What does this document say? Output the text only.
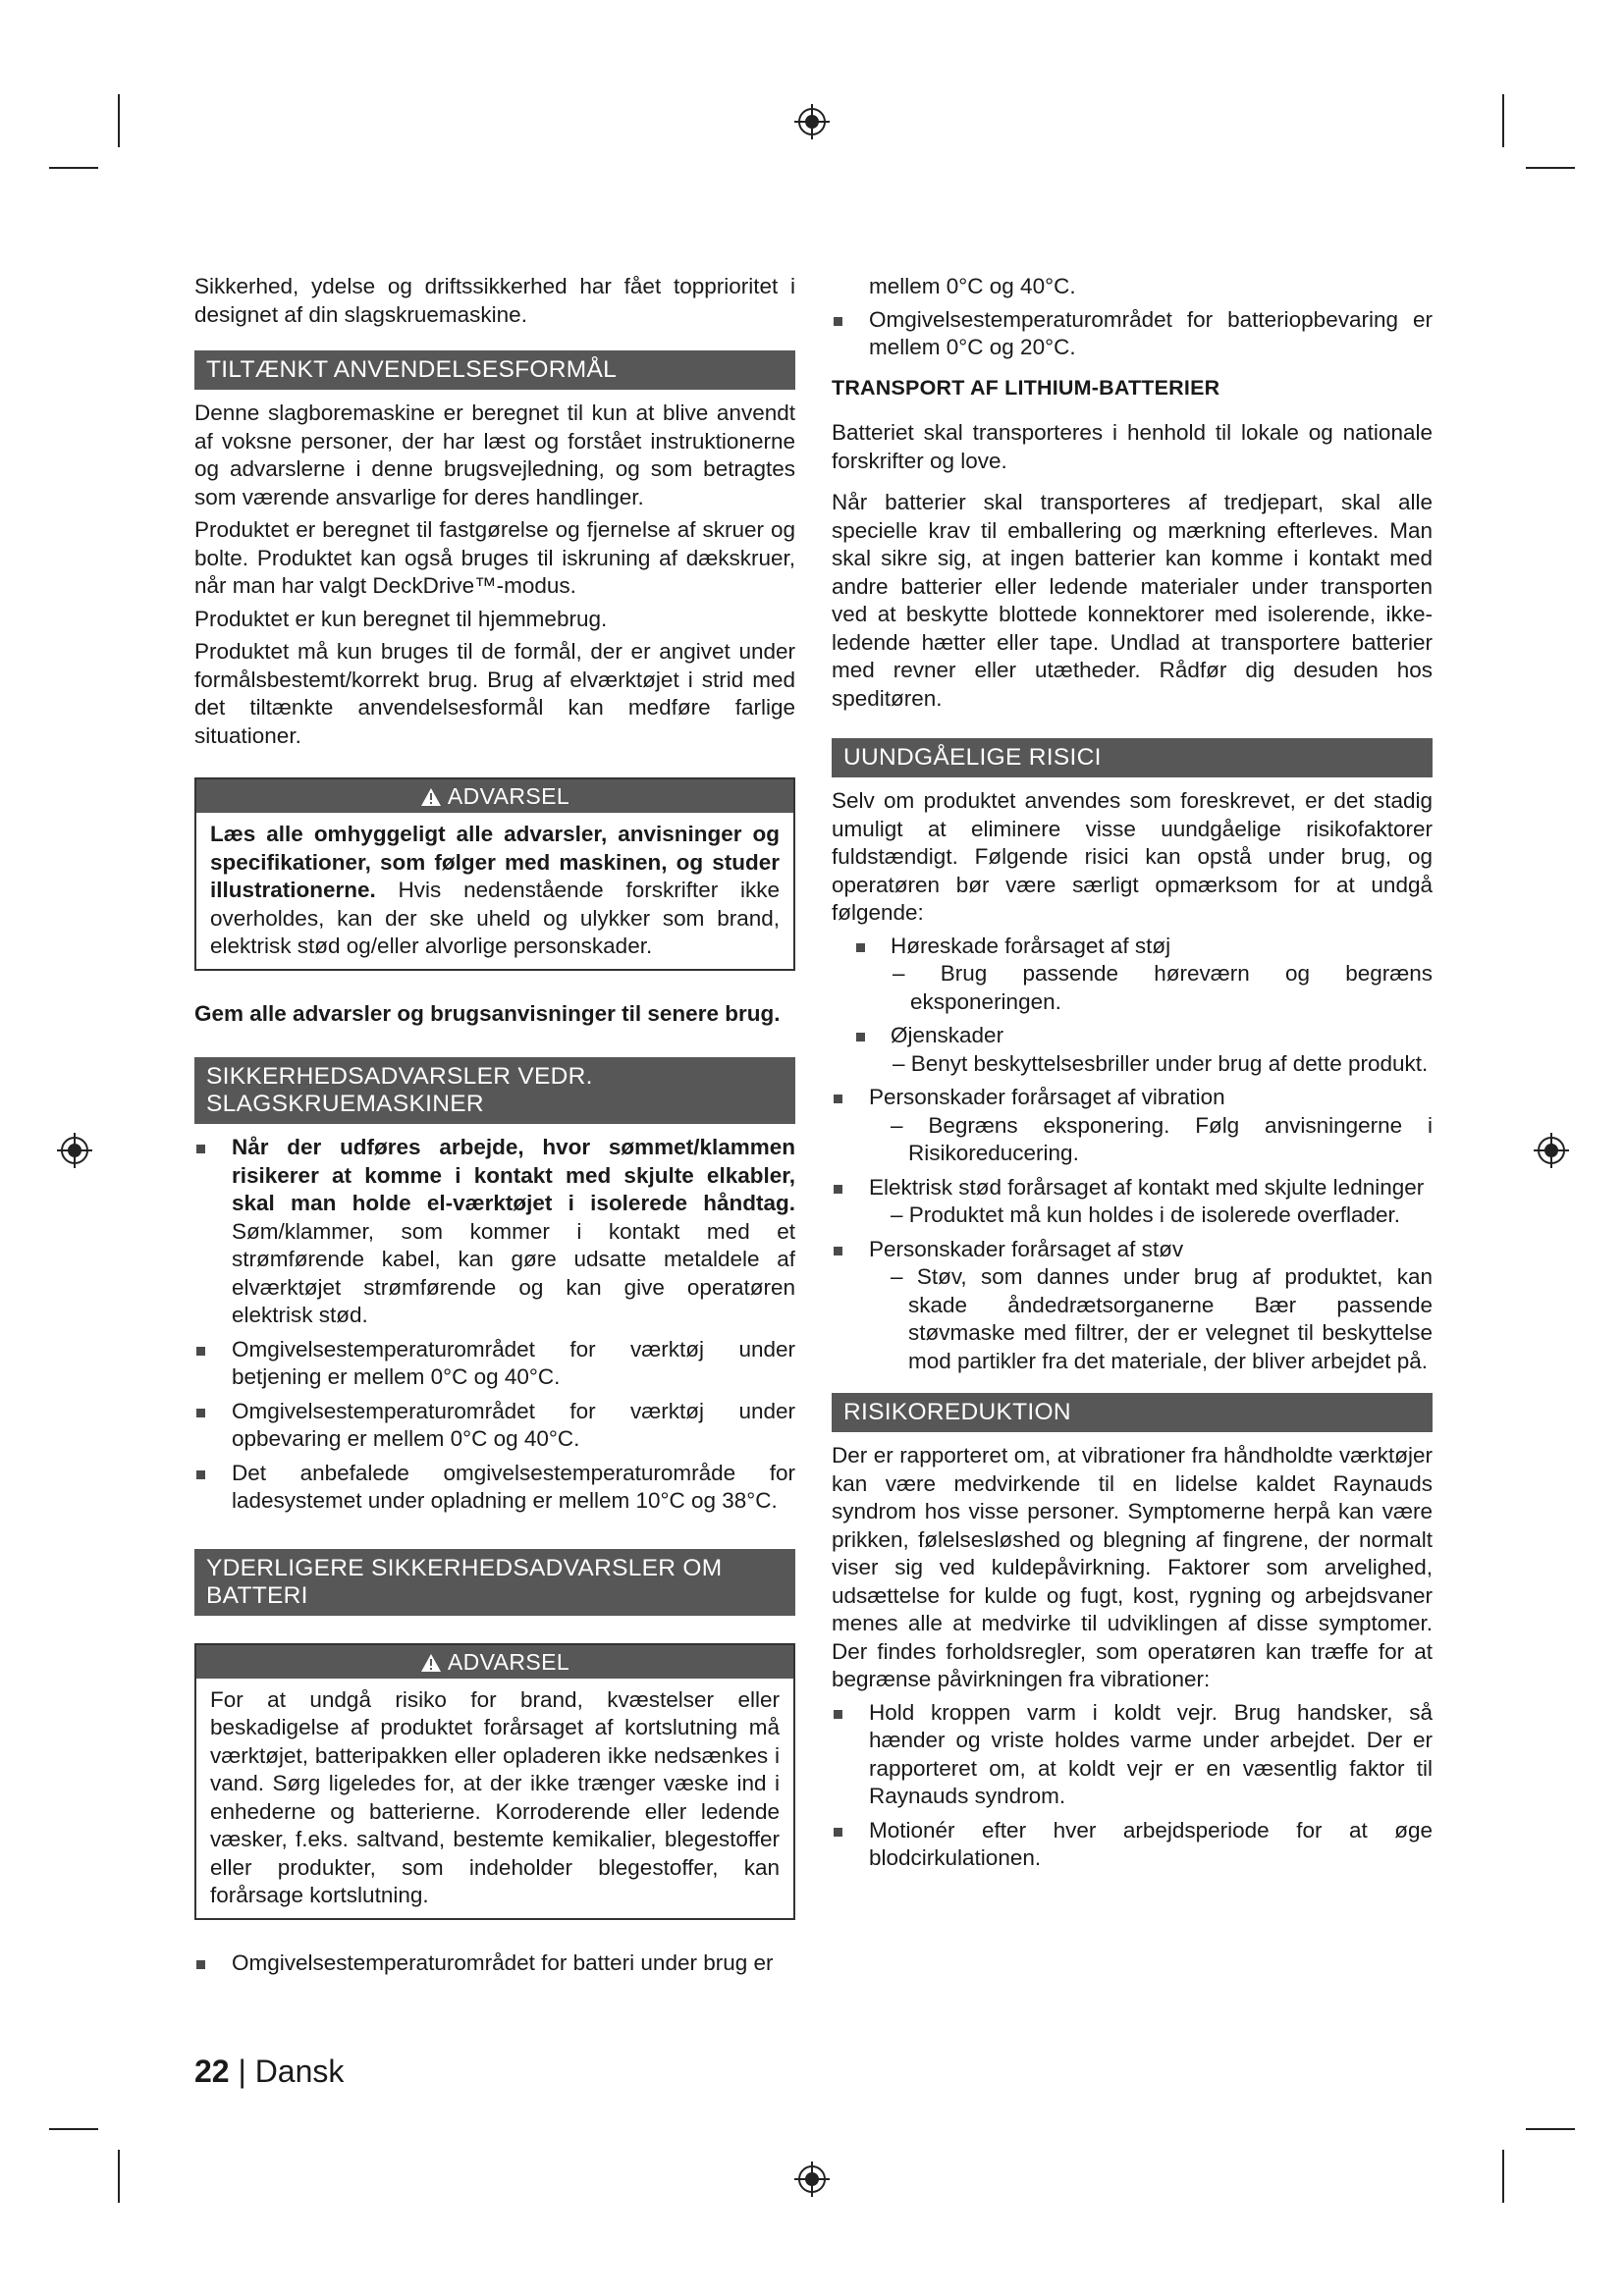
Sikkerhed, ydelse og driftssikkerhed har fået topprioritet i designet af din slagskruemaskine.

TILTÆNKT ANVENDELSESFORMÅL

Denne slagboremaskine er beregnet til kun at blive anvendt af voksne personer, der har læst og forstået instruktionerne og advarslerne i denne brugsvejledning, og som betragtes som værende ansvarlige for deres handlinger.

Produktet er beregnet til fastgørelse og fjernelse af skruer og bolte. Produktet kan også bruges til iskruning af dækskruer, når man har valgt DeckDrive™-modus.

Produktet er kun beregnet til hjemmebrug.

Produktet må kun bruges til de formål, der er angivet under formålsbestemt/korrekt brug. Brug af elværktøjet i strid med det tiltænkte anvendelsesformål kan medføre farlige situationer.

ADVARSEL
Læs alle omhyggeligt alle advarsler, anvisninger og specifikationer, som følger med maskinen, og studer illustrationerne. Hvis nedenstående forskrifter ikke overholdes, kan der ske uheld og ulykker som brand, elektrisk stød og/eller alvorlige personskader.

Gem alle advarsler og brugsanvisninger til senere brug.

SIKKERHEDSADVARSLER VEDR. SLAGSKRUEMASKINER
Når der udføres arbejde, hvor sømmet/klammen risikerer at komme i kontakt med skjulte elkabler, skal man holde el-værktøjet i isolerede håndtag. Søm/klammer, som kommer i kontakt med et strømførende kabel, kan gøre udsatte metaldele af elværktøjet strømførende og kan give operatøren elektrisk stød.
Omgivelsestemperaturområdet for værktøj under betjening er mellem 0°C og 40°C.
Omgivelsestemperaturområdet for værktøj under opbevaring er mellem 0°C og 40°C.
Det anbefalede omgivelsestemperaturområde for ladesystemet under opladning er mellem 10°C og 38°C.
YDERLIGERE SIKKERHEDSADVARSLER OM BATTERI
ADVARSEL
For at undgå risiko for brand, kvæstelser eller beskadigelse af produktet forårsaget af kortslutning må værktøjet, batteripakken eller opladeren ikke nedsænkes i vand. Sørg ligeledes for, at der ikke trænger væske ind i enhederne og batterierne. Korroderende eller ledende væsker, f.eks. saltvand, bestemte kemikalier, blegestoffer eller produkter, som indeholder blegestoffer, kan forårsage kortslutning.
Omgivelsestemperaturområdet for batteri under brug er

mellem 0°C og 40°C.

Omgivelsestemperaturområdet for batteriopbevaring er mellem 0°C og 20°C.
TRANSPORT AF LITHIUM-BATTERIER

Batteriet skal transporteres i henhold til lokale og nationale forskrifter og love.

Når batterier skal transporteres af tredjepart, skal alle specielle krav til emballering og mærkning efterleves. Man skal sikre sig, at ingen batterier kan komme i kontakt med andre batterier eller ledende materialer under transporten ved at beskytte blottede konnektorer med isolerende, ikke-ledende hætter eller tape. Undlad at transportere batterier med revner eller utætheder. Rådfør dig desuden hos speditøren.

UUNDGÅELIGE RISICI

Selv om produktet anvendes som foreskrevet, er det stadig umuligt at eliminere visse uundgåelige risikofaktorer fuldstændigt. Følgende risici kan opstå under brug, og operatøren bør være særligt opmærksom for at undgå følgende:

Høreskade forårsaget af støj
– Brug passende høreværn og begræns eksponeringen.
Øjenskader
– Benyt beskyttelsesbriller under brug af dette produkt.
Personskader forårsaget af vibration
– Begræns eksponering. Følg anvisningerne i Risikoreducering.
Elektrisk stød forårsaget af kontakt med skjulte ledninger
– Produktet må kun holdes i de isolerede overflader.
Personskader forårsaget af støv
– Støv, som dannes under brug af produktet, kan skade åndedrætsorganerne Bær passende støvmaske med filtrer, der er velegnet til beskyttelse mod partikler fra det materiale, der bliver arbejdet på.
RISIKOREDUKTION

Der er rapporteret om, at vibrationer fra håndholdte værktøjer kan være medvirkende til en lidelse kaldet Raynauds syndrom hos visse personer. Symptomerne herpå kan være prikken, følelsesløshed og blegning af fingrene, der normalt viser sig ved kuldepåvirkning. Faktorer som arvelighed, udsættelse for kulde og fugt, kost, rygning og arbejdsvaner menes alle at medvirke til udviklingen af disse symptomer. Der findes forholdsregler, som operatøren kan træffe for at begrænse påvirkningen fra vibrationer:

Hold kroppen varm i koldt vejr. Brug handsker, så hænder og vriste holdes varme under arbejdet. Der er rapporteret om, at koldt vejr er en væsentlig faktor til Raynauds syndrom.
Motionér efter hver arbejdsperiode for at øge blodcirkulationen.
22 | Dansk
